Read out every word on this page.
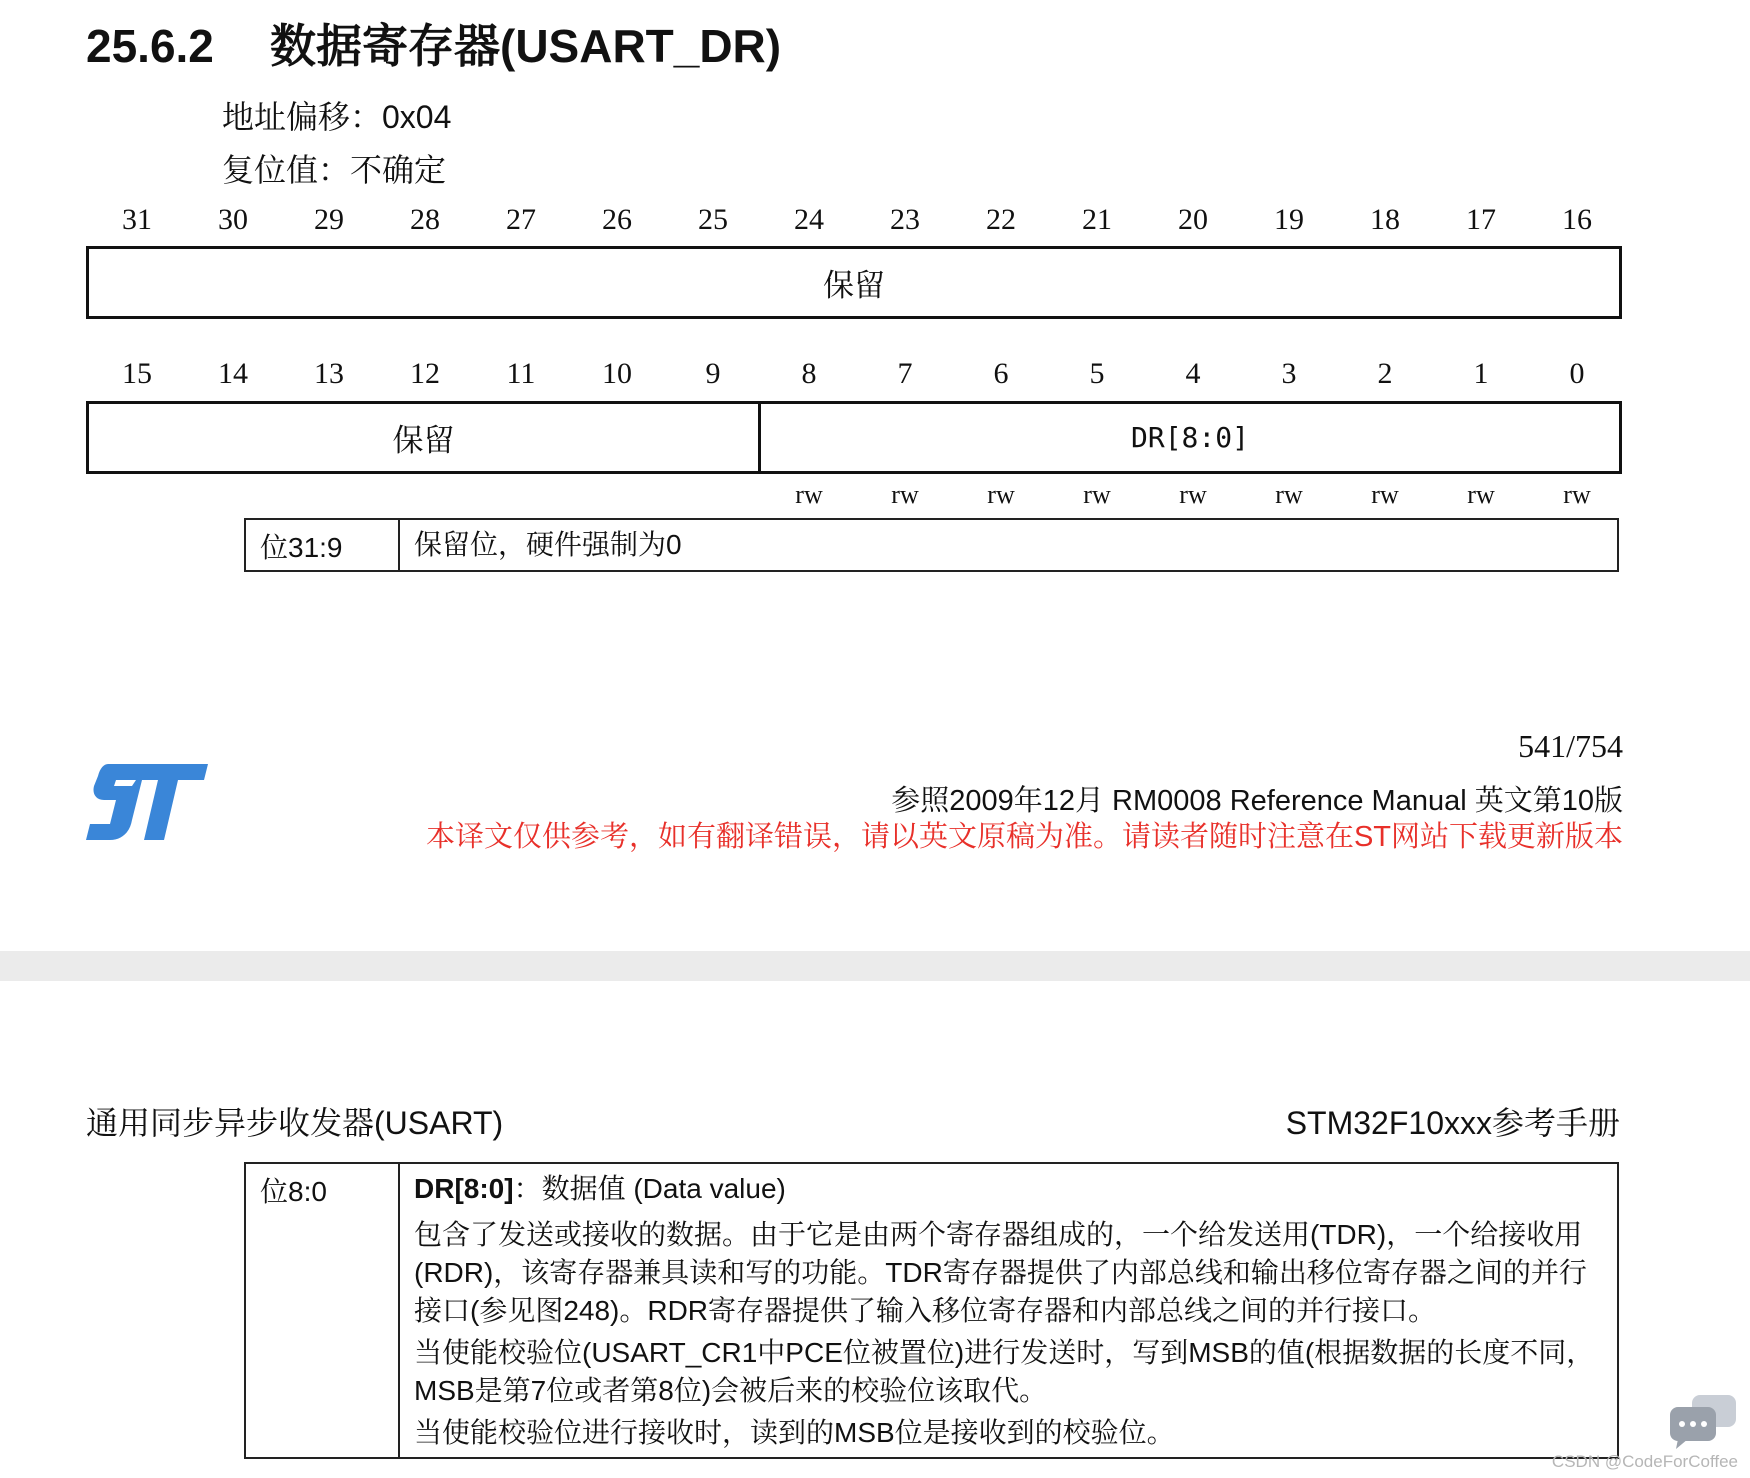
25.6.2 数据寄存器(USART_DR)
地址偏移：0x04
复位值：不确定
31	30	29	28	27	26	25	24	23	22	21	20	19	18	17	16
保留
15	14	13	12	11	10	9	8	7	6	5	4	3	2	1	0
保留	DR[8:0]
rw	rw	rw	rw	rw	rw	rw	rw	rw
位31:9	保留位，硬件强制为0
541/754
参照2009年12月 RM0008 Reference Manual 英文第10版
本译文仅供参考，如有翻译错误，请以英文原稿为准。请读者随时注意在ST网站下载更新版本
通用同步异步收发器(USART)	STM32F10xxx参考手册
位8:0	DR[8:0]：数据值 (Data value)

包含了发送或接收的数据。由于它是由两个寄存器组成的，一个给发送用(TDR)，一个给接收用(RDR)，该寄存器兼具读和写的功能。TDR寄存器提供了内部总线和输出移位寄存器之间的并行接口(参见图248)。RDR寄存器提供了输入移位寄存器和内部总线之间的并行接口。

当使能校验位(USART_CR1中PCE位被置位)进行发送时，写到MSB的值(根据数据的长度不同，MSB是第7位或者第8位)会被后来的校验位该取代。

当使能校验位进行接收时，读到的MSB位是接收到的校验位。

CSDN @CodeForCoffee
